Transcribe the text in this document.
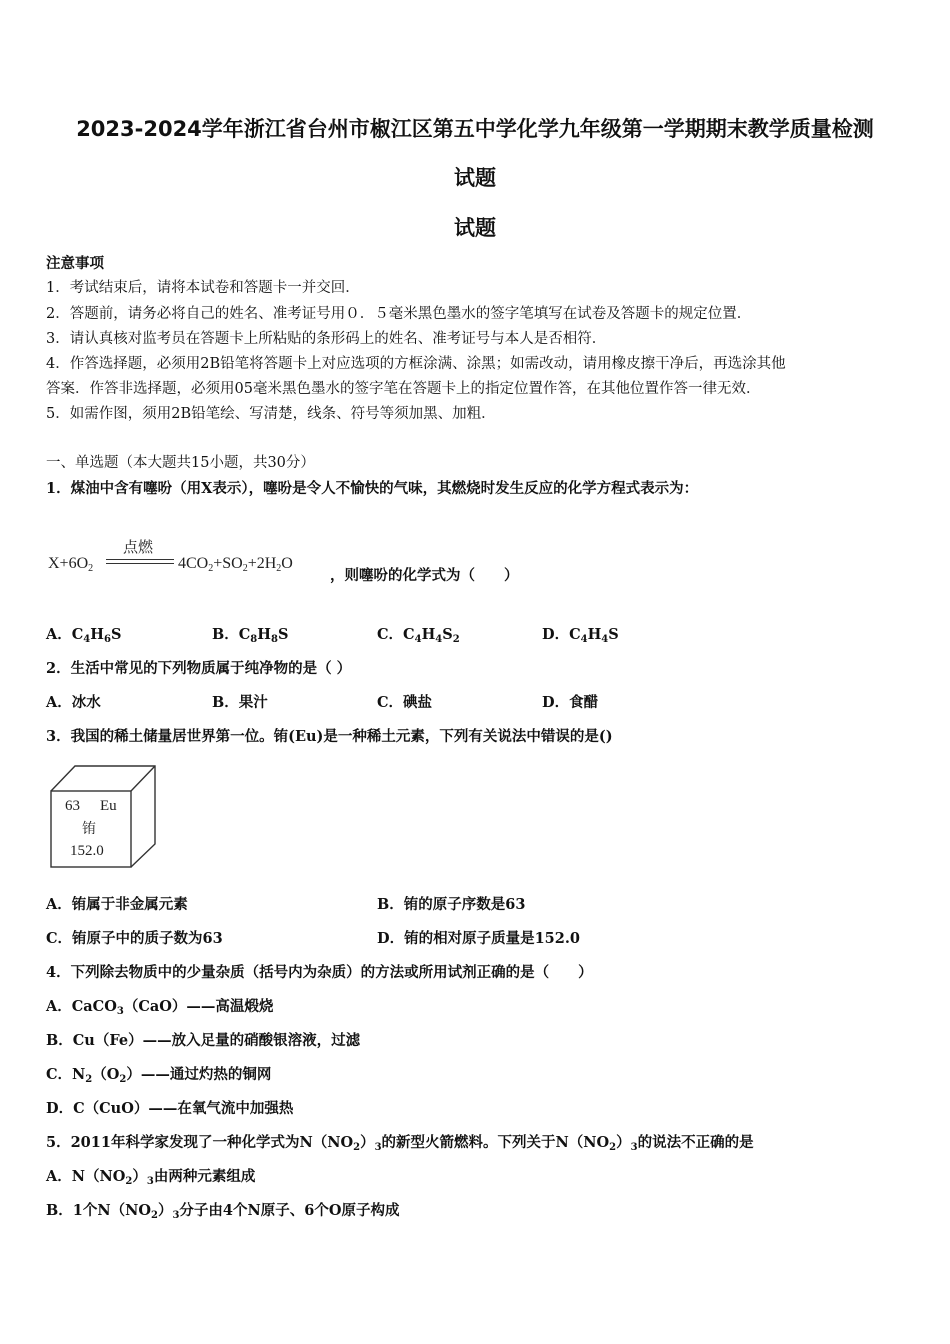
2023-2024学年浙江省台州市椒江区第五中学化学九年级第一学期期末教学质量检测
试题
试题
注意事项
1．考试结束后，请将本试卷和答题卡一并交回．
2．答题前，请务必将自己的姓名、准考证号用０．５毫米黑色墨水的签字笔填写在试卷及答题卡的规定位置．
3．请认真核对监考员在答题卡上所粘贴的条形码上的姓名、准考证号与本人是否相符．
4．作答选择题，必须用2B铅笔将答题卡上对应选项的方框涂满、涂黑；如需改动，请用橡皮擦干净后，再选涂其他
答案．作答非选择题，必须用05毫米黑色墨水的签字笔在答题卡上的指定位置作答，在其他位置作答一律无效．
5．如需作图，须用2B铅笔绘、写清楚，线条、符号等须加黑、加粗．
一、单选题（本大题共15小题，共30分）
1．煤油中含有噻吩（用X表示），噻吩是令人不愉快的气味，其燃烧时发生反应的化学方程式表示为：
$X+6O_2$
点燃
$4CO_2+SO_2+2H_2O$
，则噻吩的化学式为（　　）
A．$C_4H_6S$	B．$C_8H_8S$	C．$C_4H_4S_2$	D．$C_4H_4S$
2．生活中常见的下列物质属于纯净物的是（ ）
A．冰水	B．果汁	C．碘盐	D．食醋
3．我国的稀土储量居世界第一位。铕(Eu)是一种稀土元素，下列有关说法中错误的是()
63 Eu
铕
152.0
A．铕属于非金属元素	B．铕的原子序数是63
C．铕原子中的质子数为63	D．铕的相对原子质量是152.0
4．下列除去物质中的少量杂质（括号内为杂质）的方法或所用试剂正确的是（　　）
A．CaCO$_3$（CaO）——高温煅烧
B．Cu（Fe）——放入足量的硝酸银溶液，过滤
C．$N_2(O_2)——$通过灼热的铜网
D．C（CuO）——在氧气流中加强热
5．2011年科学家发现了一种化学式为$N(NO_2)_3$的新型火箭燃料。下列关于$N(NO_2)_3$的说法不正确的是
A．$N(NO_2)_3$由两种元素组成
B．1个$N(NO_2)_3$分子由4个N原子、6个O原子构成
